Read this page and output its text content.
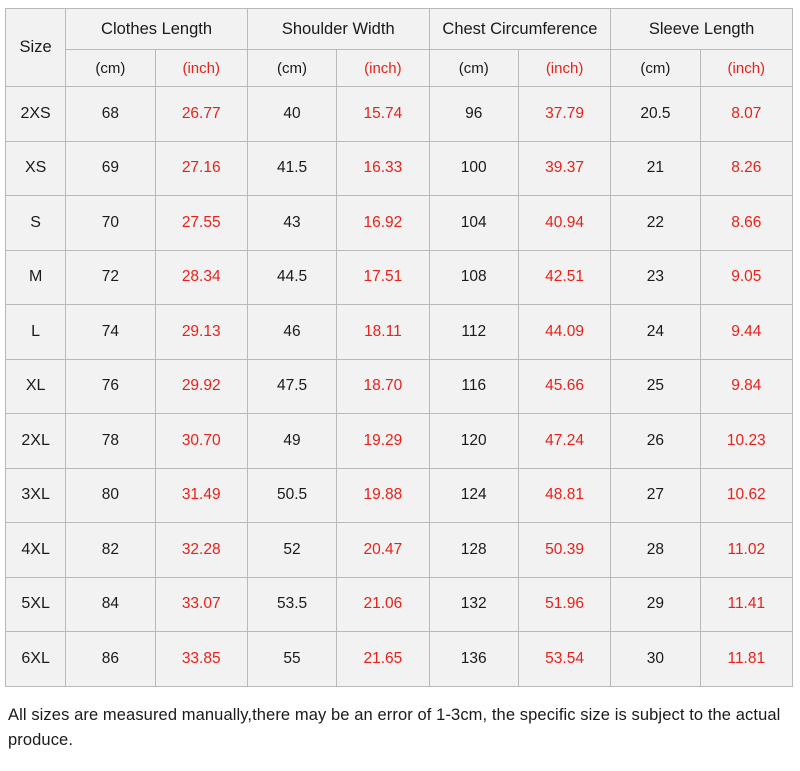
Size	Clothes Length		Shoulder Width		Chest Circumference		Sleeve Length	
	(cm)	(inch)	(cm)	(inch)	(cm)	(inch)	(cm)	(inch)
2XS	68	26.77	40	15.74	96	37.79	20.5	8.07
XS	69	27.16	41.5	16.33	100	39.37	21	8.26
S	70	27.55	43	16.92	104	40.94	22	8.66
M	72	28.34	44.5	17.51	108	42.51	23	9.05
L	74	29.13	46	18.11	112	44.09	24	9.44
XL	76	29.92	47.5	18.70	116	45.66	25	9.84
2XL	78	30.70	49	19.29	120	47.24	26	10.23
3XL	80	31.49	50.5	19.88	124	48.81	27	10.62
4XL	82	32.28	52	20.47	128	50.39	28	11.02
5XL	84	33.07	53.5	21.06	132	51.96	29	11.41
6XL	86	33.85	55	21.65	136	53.54	30	11.81

All sizes are measured manually,there may be an error of 1-3cm, the specific size is subject to the actual produce.
